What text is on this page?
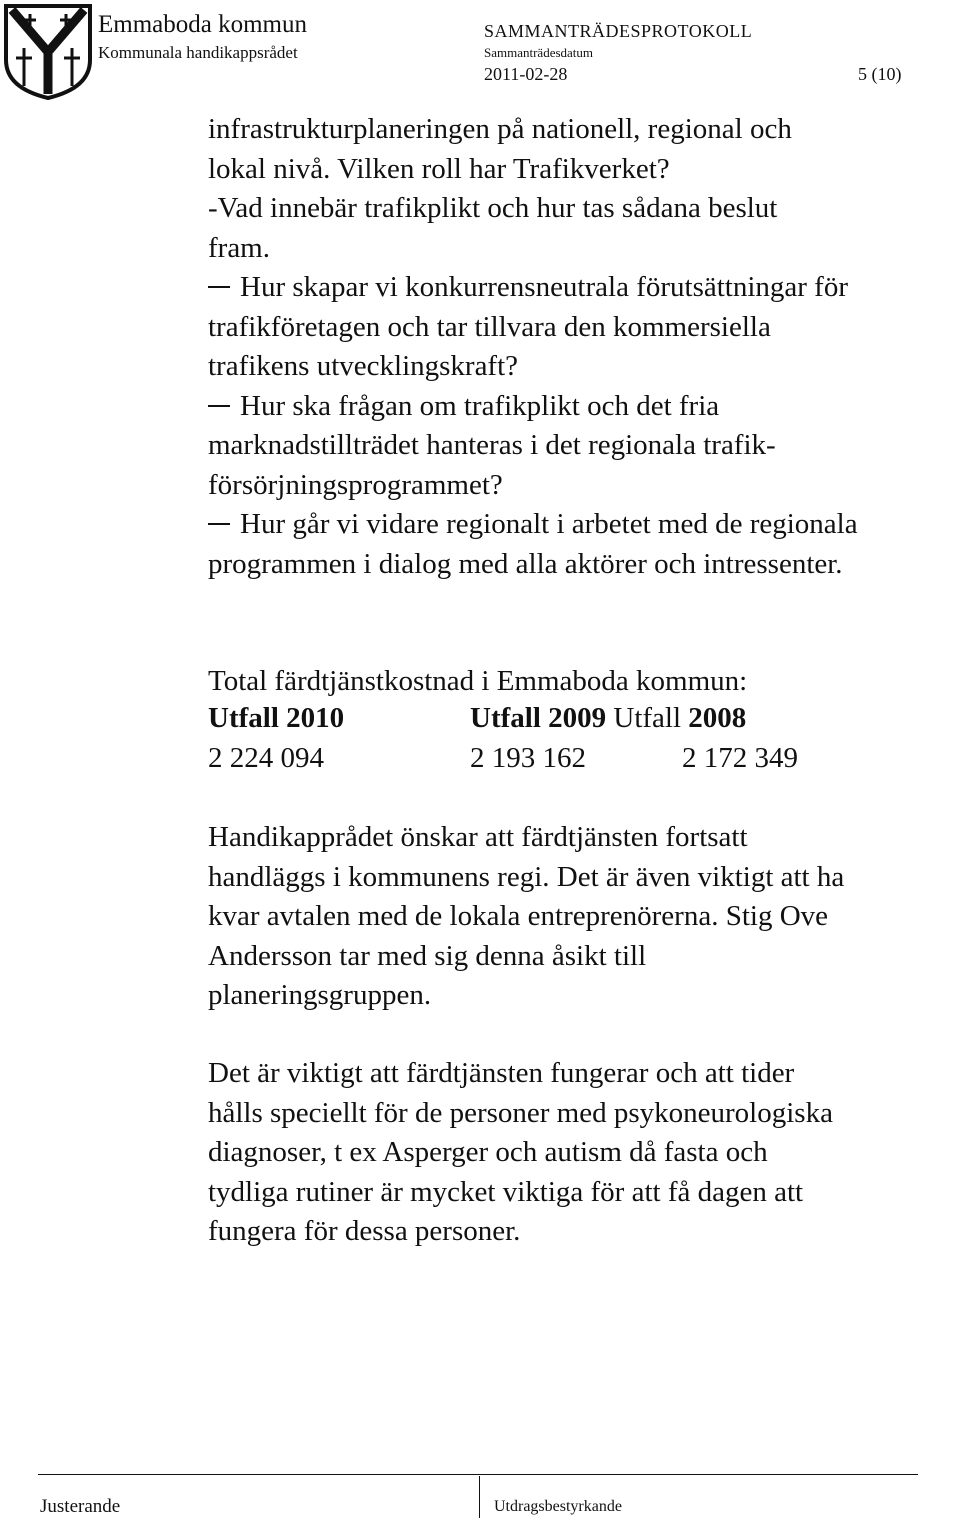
Emmaboda kommun
Kommunala handikappsrådet
SAMMANTRÄDESPROTOKOLL
Sammanträdesdatum
2011-02-28	5 (10)

infrastrukturplaneringen på nationell, regional och

lokal nivå. Vilken roll har Trafikverket?

-Vad innebär trafikplikt och hur tas sådana beslut

fram.

Hur skapar vi konkurrensneutrala förutsättningar för

trafikföretagen och tar tillvara den kommersiella

trafikens utvecklingskraft?

Hur ska frågan om trafikplikt och det fria

marknadstillträdet hanteras i det regionala trafik-

försörjningsprogrammet?

Hur går vi vidare regionalt i arbetet med de regionala

programmen i dialog med alla aktörer och intressenter.

Total färdtjänstkostnad i Emmaboda kommun:
Utfall 2010	Utfall 2009 Utfall 2008
2 224 094	2 193 162	2 172 349

Handikapprådet önskar att färdtjänsten fortsatt

handläggs i kommunens regi. Det är även viktigt att ha

kvar avtalen med de lokala entreprenörerna. Stig Ove

Andersson tar med sig denna åsikt till

planeringsgruppen.

Det är viktigt att färdtjänsten fungerar och att tider

hålls speciellt för de personer med psykoneurologiska

diagnoser, t ex Asperger och autism då fasta och

tydliga rutiner är mycket viktiga för att få dagen att

fungera för dessa personer.

Justerande	Utdragsbestyrkande
